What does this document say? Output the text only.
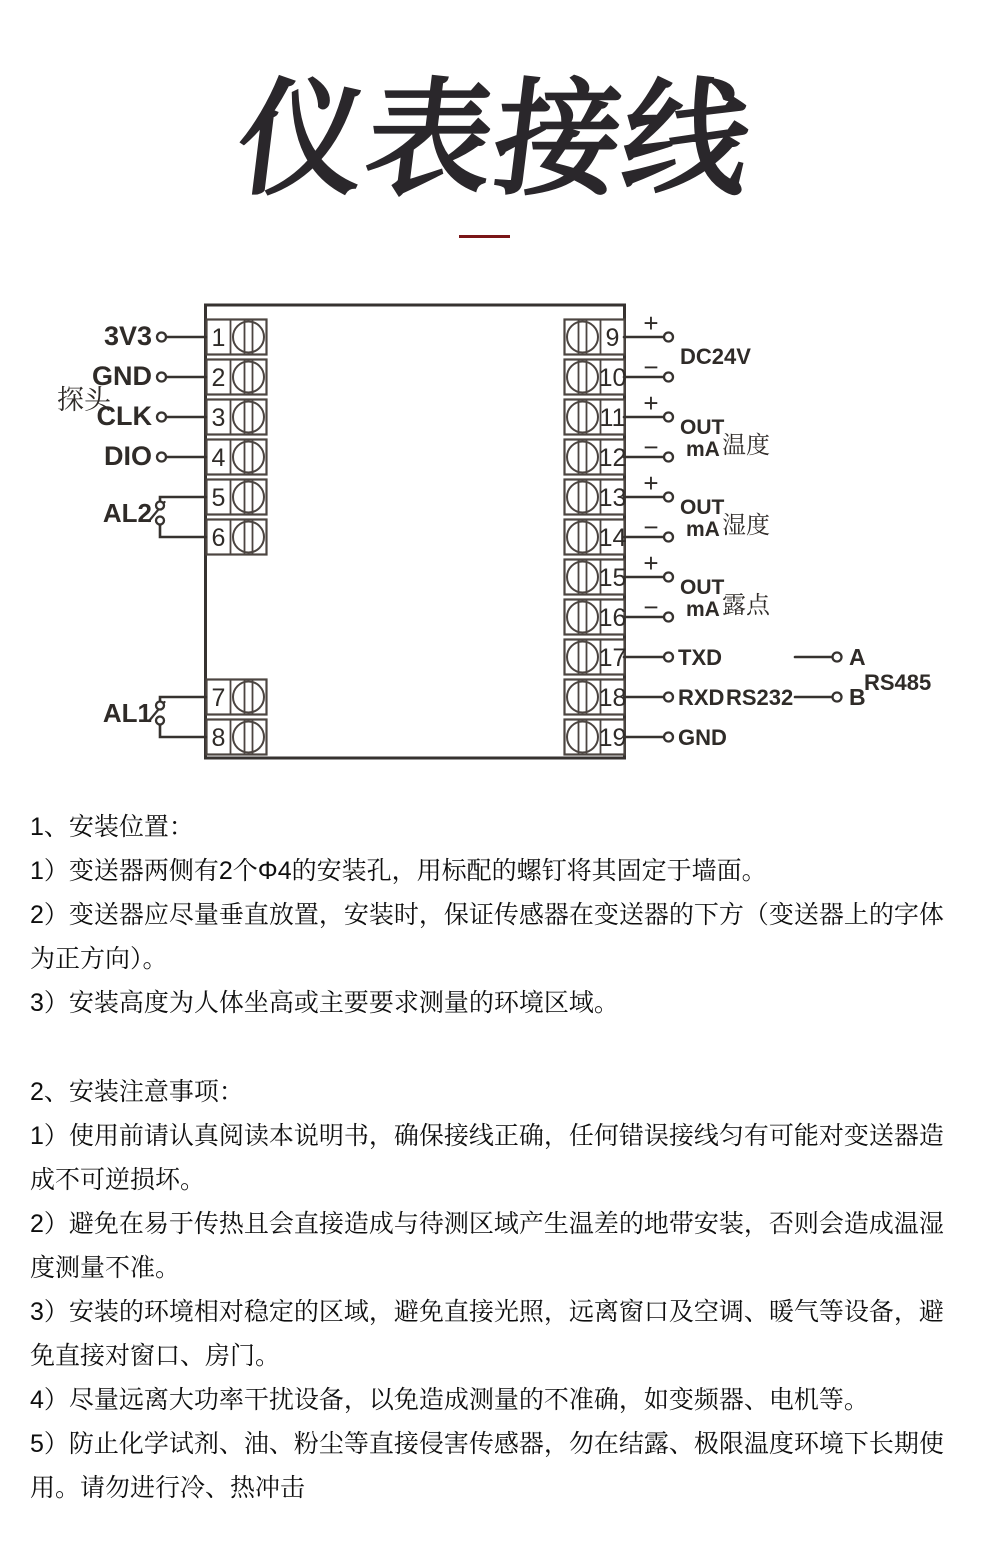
仪表接线
1
2
3
4
5
6
7
8
9
10
11
12
13
14
15
16
17
18
19
3V3
GND
CLK
DIO
探头
AL2
AL1
+
−
+
−
+
−
+
−
DC24V
OUT
mA 温度
OUT
mA 湿度
OUT
mA 露点
TXD
RXD RS232
GND
A
B
RS485
1、安装位置：
1）变送器两侧有2个Φ4的安装孔，用标配的螺钉将其固定于墙面。
2）变送器应尽量垂直放置，安装时，保证传感器在变送器的下方（变送器上的字体
为正方向）。
3）安装高度为人体坐高或主要要求测量的环境区域。
2、安装注意事项：
1）使用前请认真阅读本说明书，确保接线正确，任何错误接线匀有可能对变送器造
成不可逆损坏。
2）避免在易于传热且会直接造成与待测区域产生温差的地带安装，否则会造成温湿
度测量不准。
3）安装的环境相对稳定的区域，避免直接光照，远离窗口及空调、暖气等设备，避
免直接对窗口、房门。
4）尽量远离大功率干扰设备，以免造成测量的不准确，如变频器、电机等。
5）防止化学试剂、油、粉尘等直接侵害传感器，勿在结露、极限温度环境下长期使
用。请勿进行冷、热冲击
